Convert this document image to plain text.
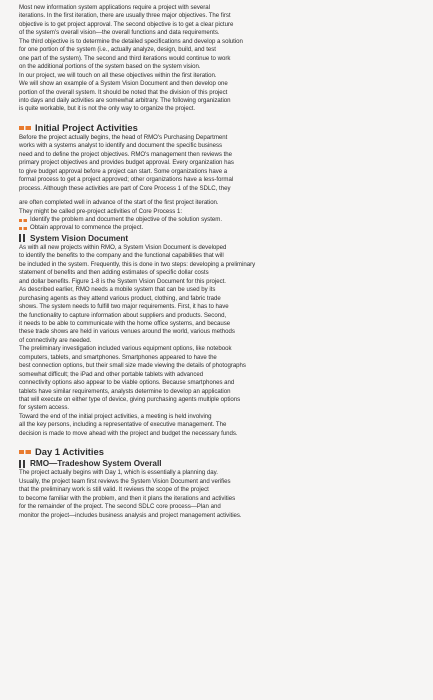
Most new information system applications require a project with several
iterations. In the first iteration, there are usually three major objectives. The first
objective is to get project approval. The second objective is to get a clear picture
of the system's overall vision—the overall functions and data requirements.
The third objective is to determine the detailed specifications and develop a solution
for one portion of the system (i.e., actually analyze, design, build, and test
one part of the system). The second and third iterations would continue to work
on the additional portions of the system based on the system vision.
In our project, we will touch on all these objectives within the first iteration.
We will show an example of a System Vision Document and then develop one
portion of the overall system. It should be noted that the division of this project
into days and daily activities are somewhat arbitrary. The following organization
is quite workable, but it is not the only way to organize the project.
Initial Project Activities
Before the project actually begins, the head of RMO's Purchasing Department
works with a systems analyst to identify and document the specific business
need and to define the project objectives. RMO's management then reviews the
primary project objectives and provides budget approval. Every organization has
to give budget approval before a project can start. Some organizations have a
formal process to get a project approved; other organizations have a less-formal
process. Although these activities are part of Core Process 1 of the SDLC, they
are often completed well in advance of the start of the first project iteration.
They might be called pre-project activities of Core Process 1:
Identify the problem and document the objective of the solution system.
Obtain approval to commence the project.
System Vision Document
As with all new projects within RMO, a System Vision Document is developed
to identify the benefits to the company and the functional capabilities that will
be included in the system. Frequently, this is done in two steps: developing a preliminary
statement of benefits and then adding estimates of specific dollar costs
and dollar benefits. Figure 1-8 is the System Vision Document for this project.
As described earlier, RMO needs a mobile system that can be used by its
purchasing agents as they attend various product, clothing, and fabric trade
shows. The system needs to fulfill two major requirements. First, it has to have
the functionality to capture information about suppliers and products. Second,
it needs to be able to communicate with the home office systems, and because
these trade shows are held in various venues around the world, various methods
of connectivity are needed.
The preliminary investigation included various equipment options, like notebook
computers, tablets, and smartphones. Smartphones appeared to have the
best connection options, but their small size made viewing the details of photographs
somewhat difficult; the iPad and other portable tablets with advanced
connectivity options also appear to be viable options. Because smartphones and
tablets have similar requirements, analysts determine to develop an application
that will execute on either type of device, giving purchasing agents multiple options
for system access.
Toward the end of the initial project activities, a meeting is held involving
all the key persons, including a representative of executive management. The
decision is made to move ahead with the project and budget the necessary funds.
Day 1 Activities
RMO—Tradeshow System Overall
The project actually begins with Day 1, which is essentially a planning day.
Usually, the project team first reviews the System Vision Document and verifies
that the preliminary work is still valid. It reviews the scope of the project
to become familiar with the problem, and then it plans the iterations and activities
for the remainder of the project. The second SDLC core process—Plan and
monitor the project—includes business analysis and project management activities.
